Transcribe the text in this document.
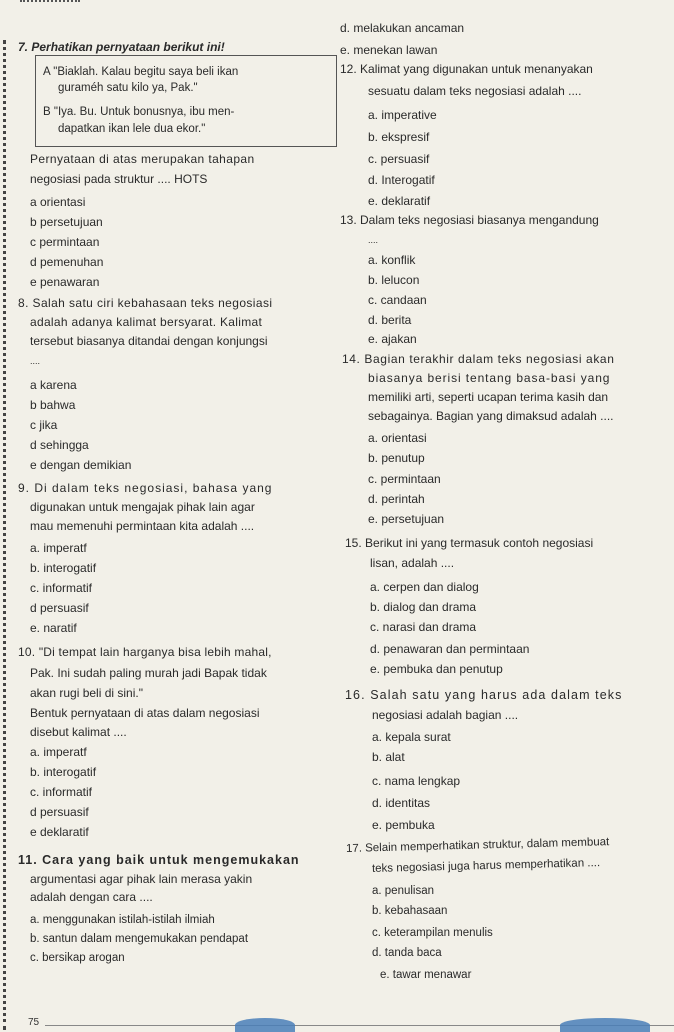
7. Perhatikan pernyataan berikut ini!
A "Biaklah. Kalau begitu saya beli ikan
guraméh satu kilo ya, Pak."
B "Iya. Bu. Untuk bonusnya, ibu men-
dapatkan ikan lele dua ekor."
Pernyataan di atas merupakan tahapan
negosiasi pada struktur .... HOTS
a orientasi
b persetujuan
c permintaan
d pemenuhan
e penawaran
8. Salah satu ciri kebahasaan teks negosiasi
adalah adanya kalimat bersyarat. Kalimat
tersebut biasanya ditandai dengan konjungsi
....
a karena
b bahwa
c jika
d sehingga
e dengan demikian
9. Di dalam teks negosiasi, bahasa yang
digunakan untuk mengajak pihak lain agar
mau memenuhi permintaan kita adalah ....
a. imperatf
b. interogatif
c. informatif
d persuasif
e. naratif
10. "Di tempat lain harganya bisa lebih mahal,
Pak. Ini sudah paling murah jadi Bapak tidak
akan rugi beli di sini."
Bentuk pernyataan di atas dalam negosiasi
disebut kalimat ....
a. imperatf
b. interogatif
c. informatif
d persuasif
e deklaratif
11. Cara yang baik untuk mengemukakan
argumentasi agar pihak lain merasa yakin
adalah dengan cara ....
a. menggunakan istilah-istilah ilmiah
b. santun dalam mengemukakan pendapat
c. bersikap arogan
d. melakukan ancaman
e. menekan lawan
12. Kalimat yang digunakan untuk menanyakan
sesuatu dalam teks negosiasi adalah ....
a. imperative
b. ekspresif
c. persuasif
d. Interogatif
e. deklaratif
13. Dalam teks negosiasi biasanya mengandung
....
a. konflik
b. lelucon
c. candaan
d. berita
e. ajakan
14. Bagian terakhir dalam teks negosiasi akan
biasanya berisi tentang basa-basi yang
memiliki arti, seperti ucapan terima kasih dan
sebagainya. Bagian yang dimaksud adalah ....
a. orientasi
b. penutup
c. permintaan
d. perintah
e. persetujuan
15. Berikut ini yang termasuk contoh negosiasi
lisan, adalah ....
a. cerpen dan dialog
b. dialog dan drama
c. narasi dan drama
d. penawaran dan permintaan
e. pembuka dan penutup
16. Salah satu yang harus ada dalam teks
negosiasi adalah bagian ....
a. kepala surat
b. alat
c. nama lengkap
d. identitas
e. pembuka
17. Selain memperhatikan struktur, dalam membuat
teks negosiasi juga harus memperhatikan ....
a. penulisan
b. kebahasaan
c. keterampilan menulis
d. tanda baca
e. tawar menawar
75
